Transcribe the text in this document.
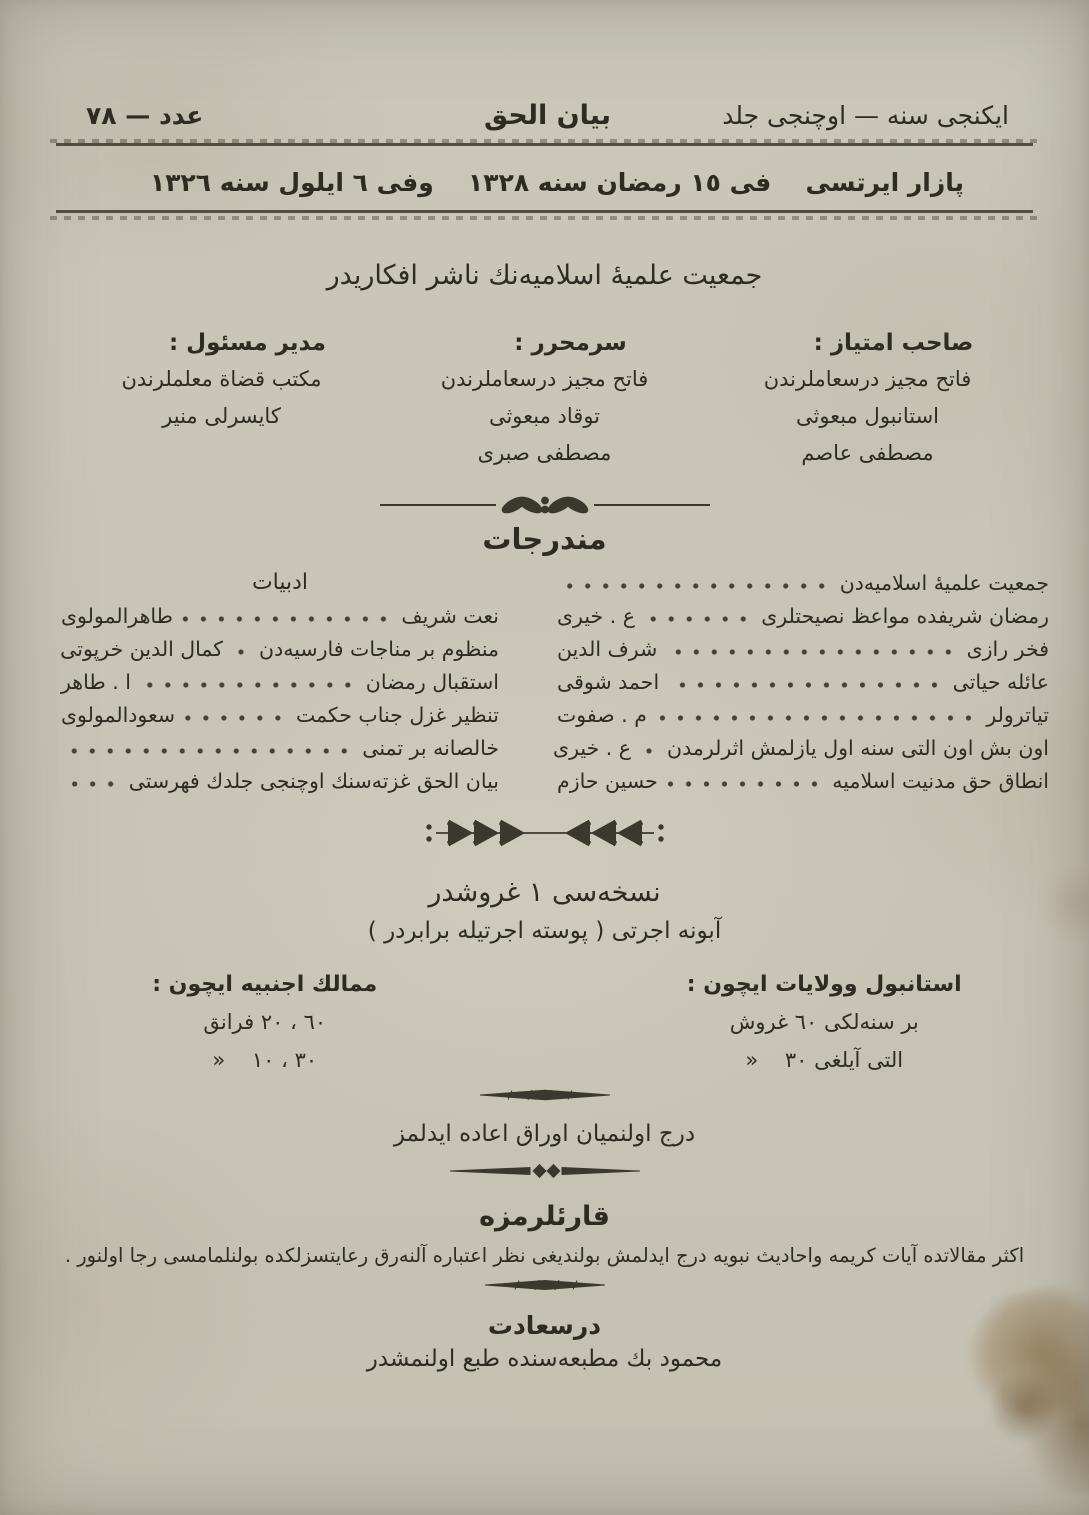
ايكنجى سنه — اوچنجى جلد
بيان الحق
عدد — ٧٨
پازار ايرتسى
فى ١٥ رمضان سنه ١٣٢٨
وفى ٦ ايلول سنه ١٣٢٦
جمعيت علميهٔ اسلاميه‌نك ناشر افكاريدر
صاحب امتياز :
فاتح مجيز درسعاملرندن
استانبول مبعوثى
مصطفى عاصم
سرمحرر :
فاتح مجيز درسعاملرندن
توقاد مبعوثى
مصطفى صبرى
مدير مسئول :
مكتب قضاة معلملرندن
كايسرلى منير
مندرجات
جمعيت علميهٔ اسلاميه‌دن
رمضان شريفده مواعظ نصيحتلرى
ع . خيرى
فخر رازى
شرف الدين
عائله حياتى
احمد شوقى
تياترولر
م . صفوت
اون بش اون التى سنه اول يازلمش اثرلرمدن
ع . خيرى
انطاق حق مدنيت اسلاميه
حسين حازم
ادبيات
نعت شريف
طاهرالمولوى
منظوم بر مناجات فارسيه‌دن
كمال الدين خرپوتى
استقبال رمضان
ا . طاهر
تنظير غزل جناب حكمت
سعودالمولوى
خالصانه بر تمنى
بيان الحق غزته‌سنك اوچنجى جلدك فهرستى
نسخه‌سى ١ غروشدر
آبونه اجرتى ( پوسته اجرتيله برابردر )
استانبول وولايات ايچون :
بر سنه‌لكى ٦٠ غروش
التى آيلغى ٣٠    «
ممالك اجنبيه ايچون :
٦٠ ، ٢٠ فرانق
٣٠ ، ١٠    «
درج اولنميان اوراق اعاده ايدلمز
قارئلرمزه
اكثر مقالاتده آيات كريمه واحاديث نبويه درج ايدلمش بولنديغى نظر اعتباره آلنه‌رق رعايتسزلكده بولنلمامسى رجا اولنور .
درسعادت
محمود بك مطبعه‌سنده طبع اولنمشدر
